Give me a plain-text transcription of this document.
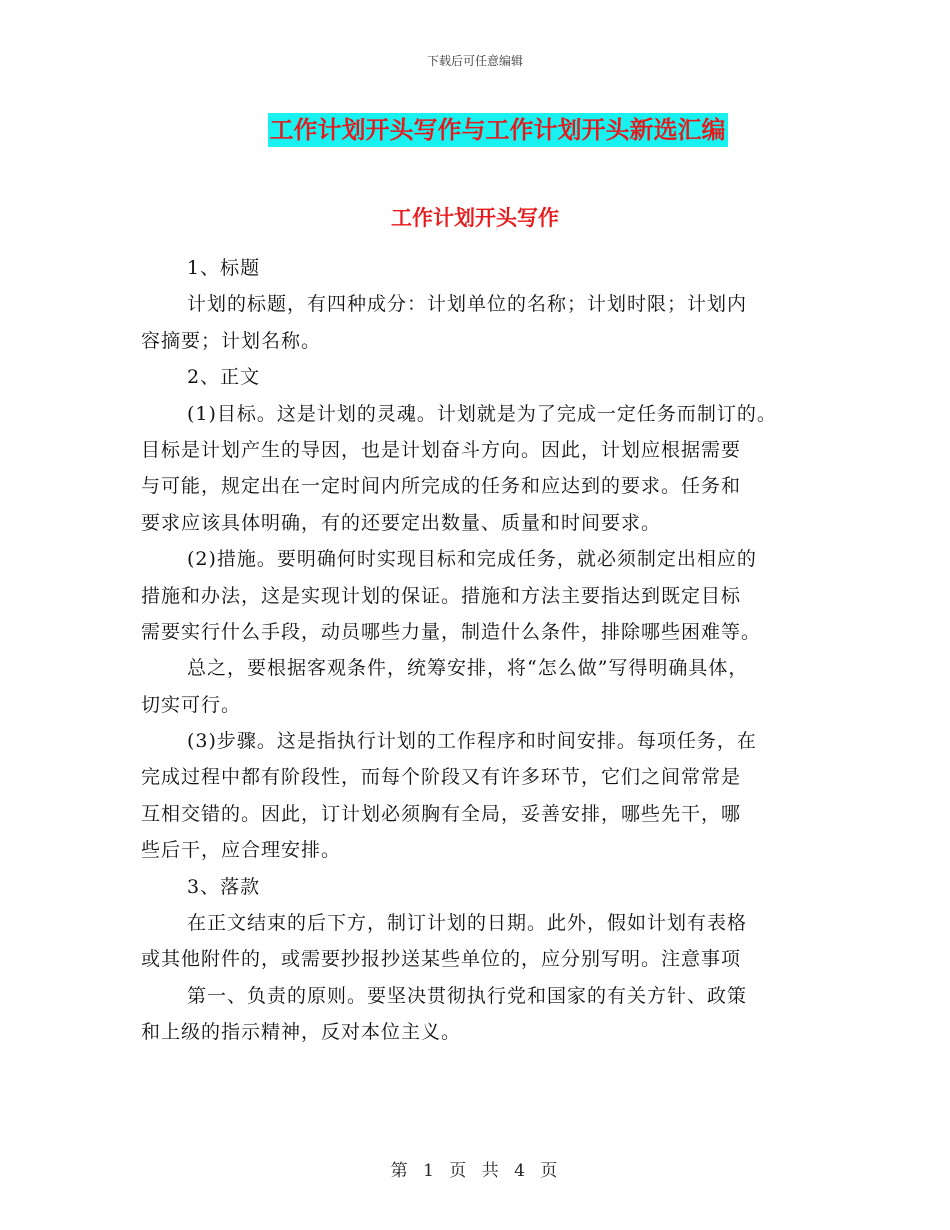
下载后可任意编辑
工作计划开头写作与工作计划开头新选汇编
工作计划开头写作
1、标题
计划的标题，有四种成分：计划单位的名称；计划时限；计划内
容摘要；计划名称。
2、正文
(1)目标。这是计划的灵魂。计划就是为了完成一定任务而制订的。
目标是计划产生的导因，也是计划奋斗方向。因此，计划应根据需要
与可能，规定出在一定时间内所完成的任务和应达到的要求。任务和
要求应该具体明确，有的还要定出数量、质量和时间要求。
(2)措施。要明确何时实现目标和完成任务，就必须制定出相应的
措施和办法，这是实现计划的保证。措施和方法主要指达到既定目标
需要实行什么手段，动员哪些力量，制造什么条件，排除哪些困难等。
总之，要根据客观条件，统筹安排，将“怎么做”写得明确具体，
切实可行。
(3)步骤。这是指执行计划的工作程序和时间安排。每项任务，在
完成过程中都有阶段性，而每个阶段又有许多环节，它们之间常常是
互相交错的。因此，订计划必须胸有全局，妥善安排，哪些先干，哪
些后干，应合理安排。
3、落款
在正文结束的后下方，制订计划的日期。此外，假如计划有表格
或其他附件的，或需要抄报抄送某些单位的，应分别写明。注意事项
第一、负责的原则。要坚决贯彻执行党和国家的有关方针、政策
和上级的指示精神，反对本位主义。
第 1 页 共 4 页
